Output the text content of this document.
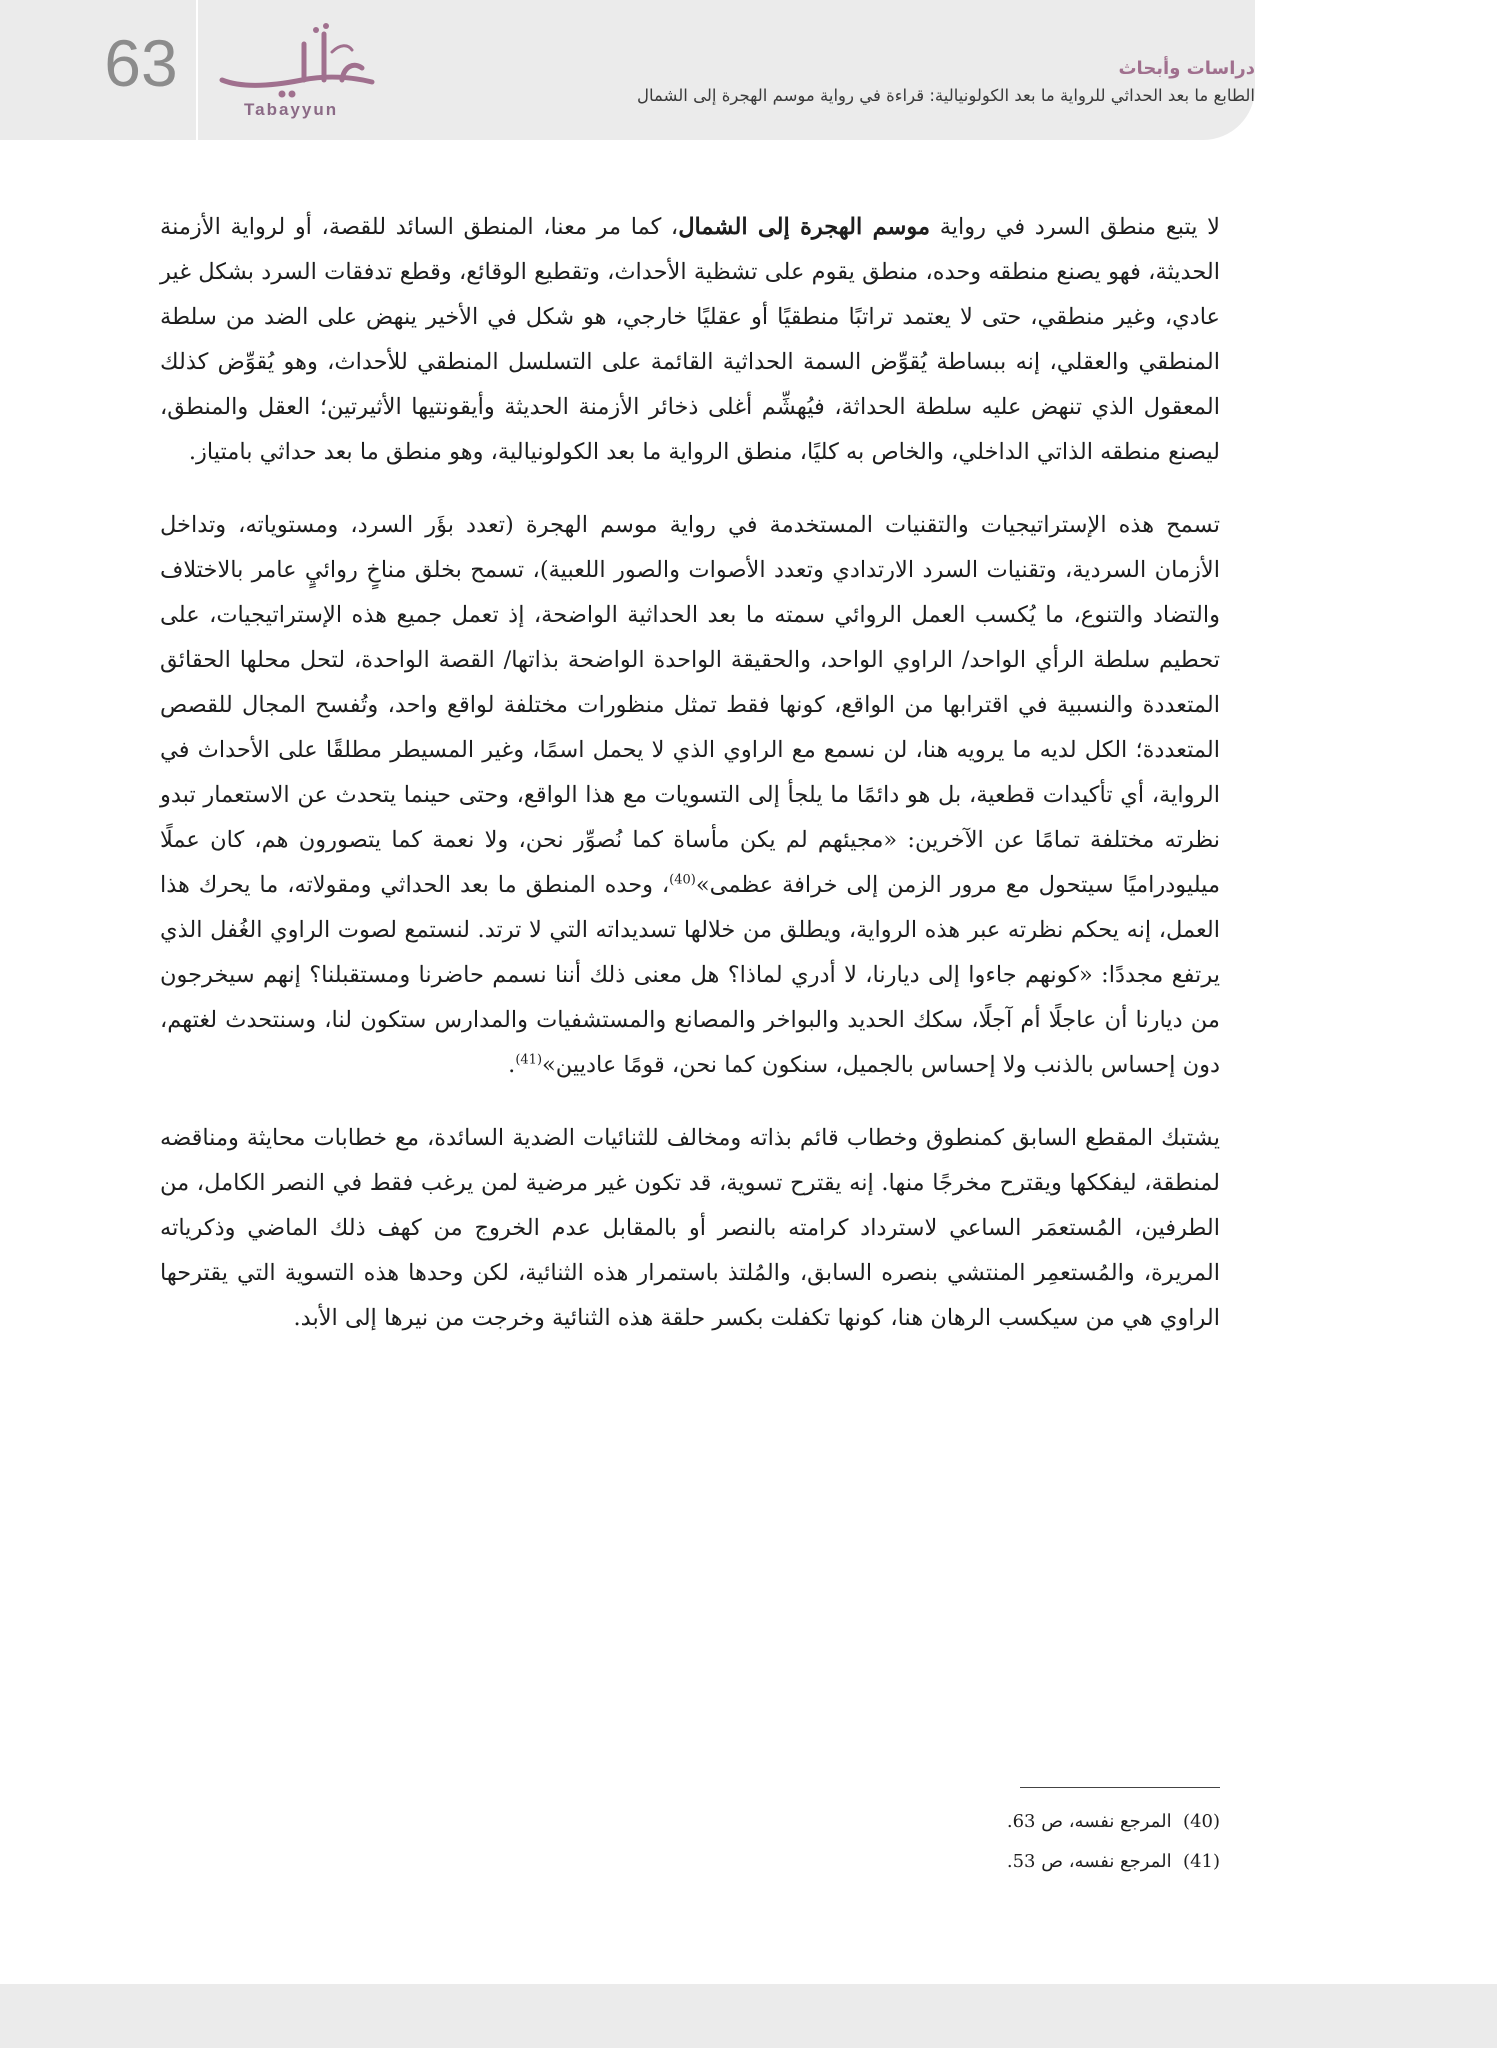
63
Tabayyun
دراسات وأبحاث
الطابع ما بعد الحداثي للرواية ما بعد الكولونيالية: قراءة في رواية موسم الهجرة إلى الشمال

لا يتبع منطق السرد في رواية موسم الهجرة إلى الشمال، كما مر معنا، المنطق السائد للقصة، أو لرواية الأزمنة الحديثة، فهو يصنع منطقه وحده، منطق يقوم على تشظية الأحداث، وتقطيع الوقائع، وقطع تدفقات السرد بشكل غير عادي، وغير منطقي، حتى لا يعتمد تراتبًا منطقيًا أو عقليًا خارجي، هو شكل في الأخير ينهض على الضد من سلطة المنطقي والعقلي، إنه ببساطة يُقوِّض السمة الحداثية القائمة على التسلسل المنطقي للأحداث، وهو يُقوِّض كذلك المعقول الذي تنهض عليه سلطة الحداثة، فيُهشِّم أغلى ذخائر الأزمنة الحديثة وأيقونتيها الأثيرتين؛ العقل والمنطق، ليصنع منطقه الذاتي الداخلي، والخاص به كليًا، منطق الرواية ما بعد الكولونيالية، وهو منطق ما بعد حداثي بامتياز.

تسمح هذه الإستراتيجيات والتقنيات المستخدمة في رواية موسم الهجرة (تعدد بؤَر السرد، ومستوياته، وتداخل الأزمان السردية، وتقنيات السرد الارتدادي وتعدد الأصوات والصور اللعبية)، تسمح بخلق مناخٍ روائيٍ عامر بالاختلاف والتضاد والتنوع، ما يُكسب العمل الروائي سمته ما بعد الحداثية الواضحة، إذ تعمل جميع هذه الإستراتيجيات، على تحطيم سلطة الرأي الواحد/ الراوي الواحد، والحقيقة الواحدة الواضحة بذاتها/ القصة الواحدة، لتحل محلها الحقائق المتعددة والنسبية في اقترابها من الواقع، كونها فقط تمثل منظورات مختلفة لواقع واحد، وتُفسح المجال للقصص المتعددة؛ الكل لديه ما يرويه هنا، لن نسمع مع الراوي الذي لا يحمل اسمًا، وغير المسيطر مطلقًا على الأحداث في الرواية، أي تأكيدات قطعية، بل هو دائمًا ما يلجأ إلى التسويات مع هذا الواقع، وحتى حينما يتحدث عن الاستعمار تبدو نظرته مختلفة تمامًا عن الآخرين: «مجيئهم لم يكن مأساة كما نُصوِّر نحن، ولا نعمة كما يتصورون هم، كان عملًا ميليودراميًا سيتحول مع مرور الزمن إلى خرافة عظمى»$^{(40)}$، وحده المنطق ما بعد الحداثي ومقولاته، ما يحرك هذا العمل، إنه يحكم نظرته عبر هذه الرواية، ويطلق من خلالها تسديداته التي لا ترتد. لنستمع لصوت الراوي الغُفل الذي يرتفع مجددًا: «كونهم جاءوا إلى ديارنا، لا أدري لماذا؟ هل معنى ذلك أننا نسمم حاضرنا ومستقبلنا؟ إنهم سيخرجون من ديارنا أن عاجلًا أم آجلًا، سكك الحديد والبواخر والمصانع والمستشفيات والمدارس ستكون لنا، وسنتحدث لغتهم، دون إحساس بالذنب ولا إحساس بالجميل، سنكون كما نحن، قومًا عاديين»$^{(41)}$.

يشتبك المقطع السابق كمنطوق وخطاب قائم بذاته ومخالف للثنائيات الضدية السائدة، مع خطابات محايثة ومناقضه لمنطقة، ليفككها ويقترح مخرجًا منها. إنه يقترح تسوية، قد تكون غير مرضية لمن يرغب فقط في النصر الكامل، من الطرفين، المُستعمَر الساعي لاسترداد كرامته بالنصر أو بالمقابل عدم الخروج من كهف ذلك الماضي وذكرياته المريرة، والمُستعمِر المنتشي بنصره السابق، والمُلتذ باستمرار هذه الثنائية، لكن وحدها هذه التسوية التي يقترحها الراوي هي من سيكسب الرهان هنا، كونها تكفلت بكسر حلقة هذه الثنائية وخرجت من نيرها إلى الأبد.

(40)  المرجع نفسه، ص 63.

(41)  المرجع نفسه، ص 53.
